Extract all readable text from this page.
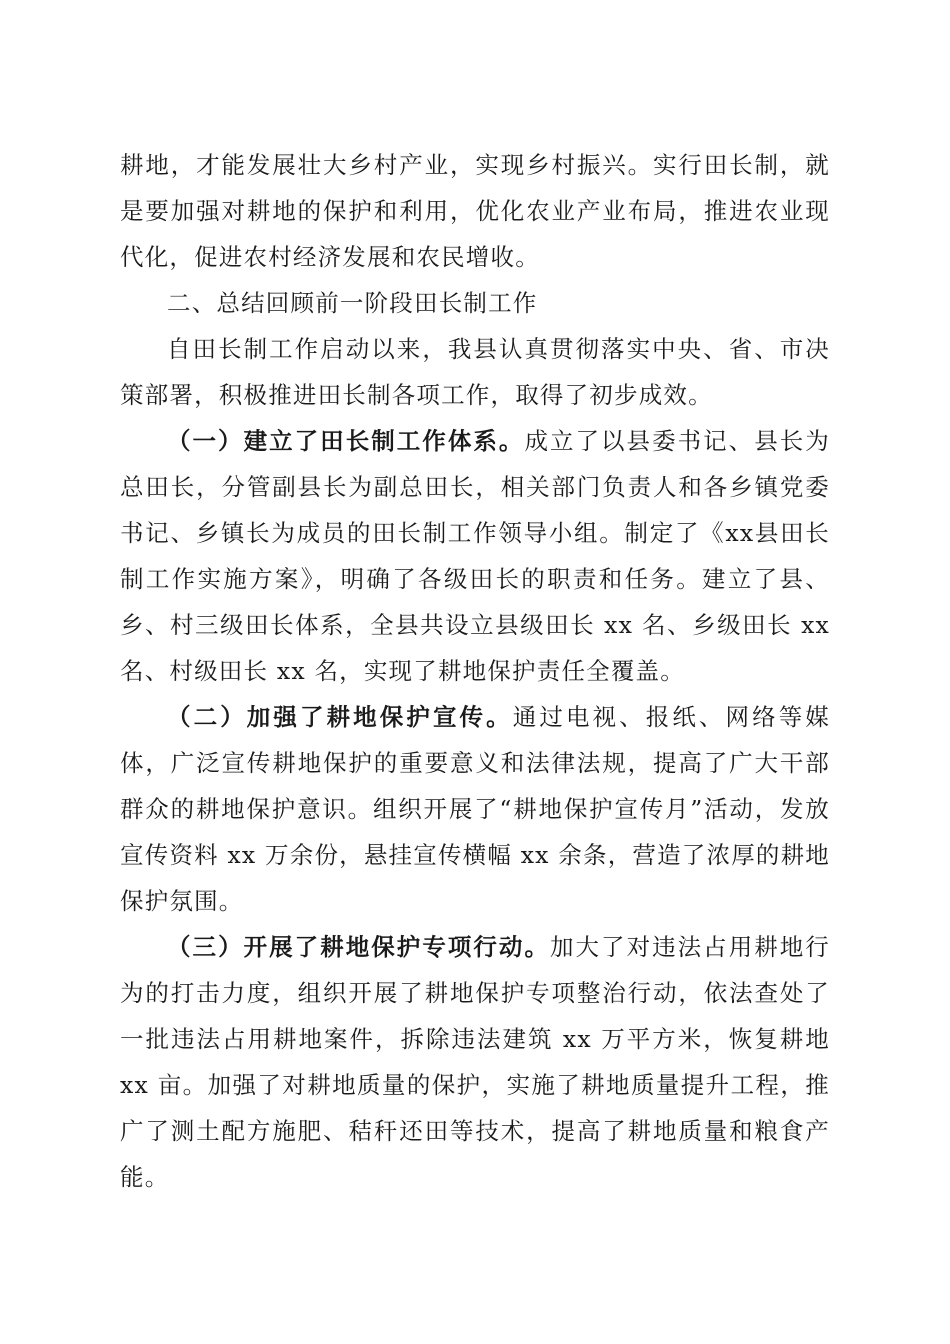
耕地，才能发展壮大乡村产业，实现乡村振兴。实行田长制，就是要加强对耕地的保护和利用，优化农业产业布局，推进农业现代化，促进农村经济发展和农民增收。

二、总结回顾前一阶段田长制工作

自田长制工作启动以来，我县认真贯彻落实中央、省、市决策部署，积极推进田长制各项工作，取得了初步成效。

（一）建立了田长制工作体系。成立了以县委书记、县长为总田长，分管副县长为副总田长，相关部门负责人和各乡镇党委书记、乡镇长为成员的田长制工作领导小组。制定了《xx县田长制工作实施方案》，明确了各级田长的职责和任务。建立了县、乡、村三级田长体系，全县共设立县级田长 xx 名、乡级田长 xx 名、村级田长 xx 名，实现了耕地保护责任全覆盖。

（二）加强了耕地保护宣传。通过电视、报纸、网络等媒体，广泛宣传耕地保护的重要意义和法律法规，提高了广大干部群众的耕地保护意识。组织开展了“耕地保护宣传月”活动，发放宣传资料 xx 万余份，悬挂宣传横幅 xx 余条，营造了浓厚的耕地保护氛围。

（三）开展了耕地保护专项行动。加大了对违法占用耕地行为的打击力度，组织开展了耕地保护专项整治行动，依法查处了一批违法占用耕地案件，拆除违法建筑 xx 万平方米，恢复耕地 xx 亩。加强了对耕地质量的保护，实施了耕地质量提升工程，推广了测土配方施肥、秸秆还田等技术，提高了耕地质量和粮食产能。
